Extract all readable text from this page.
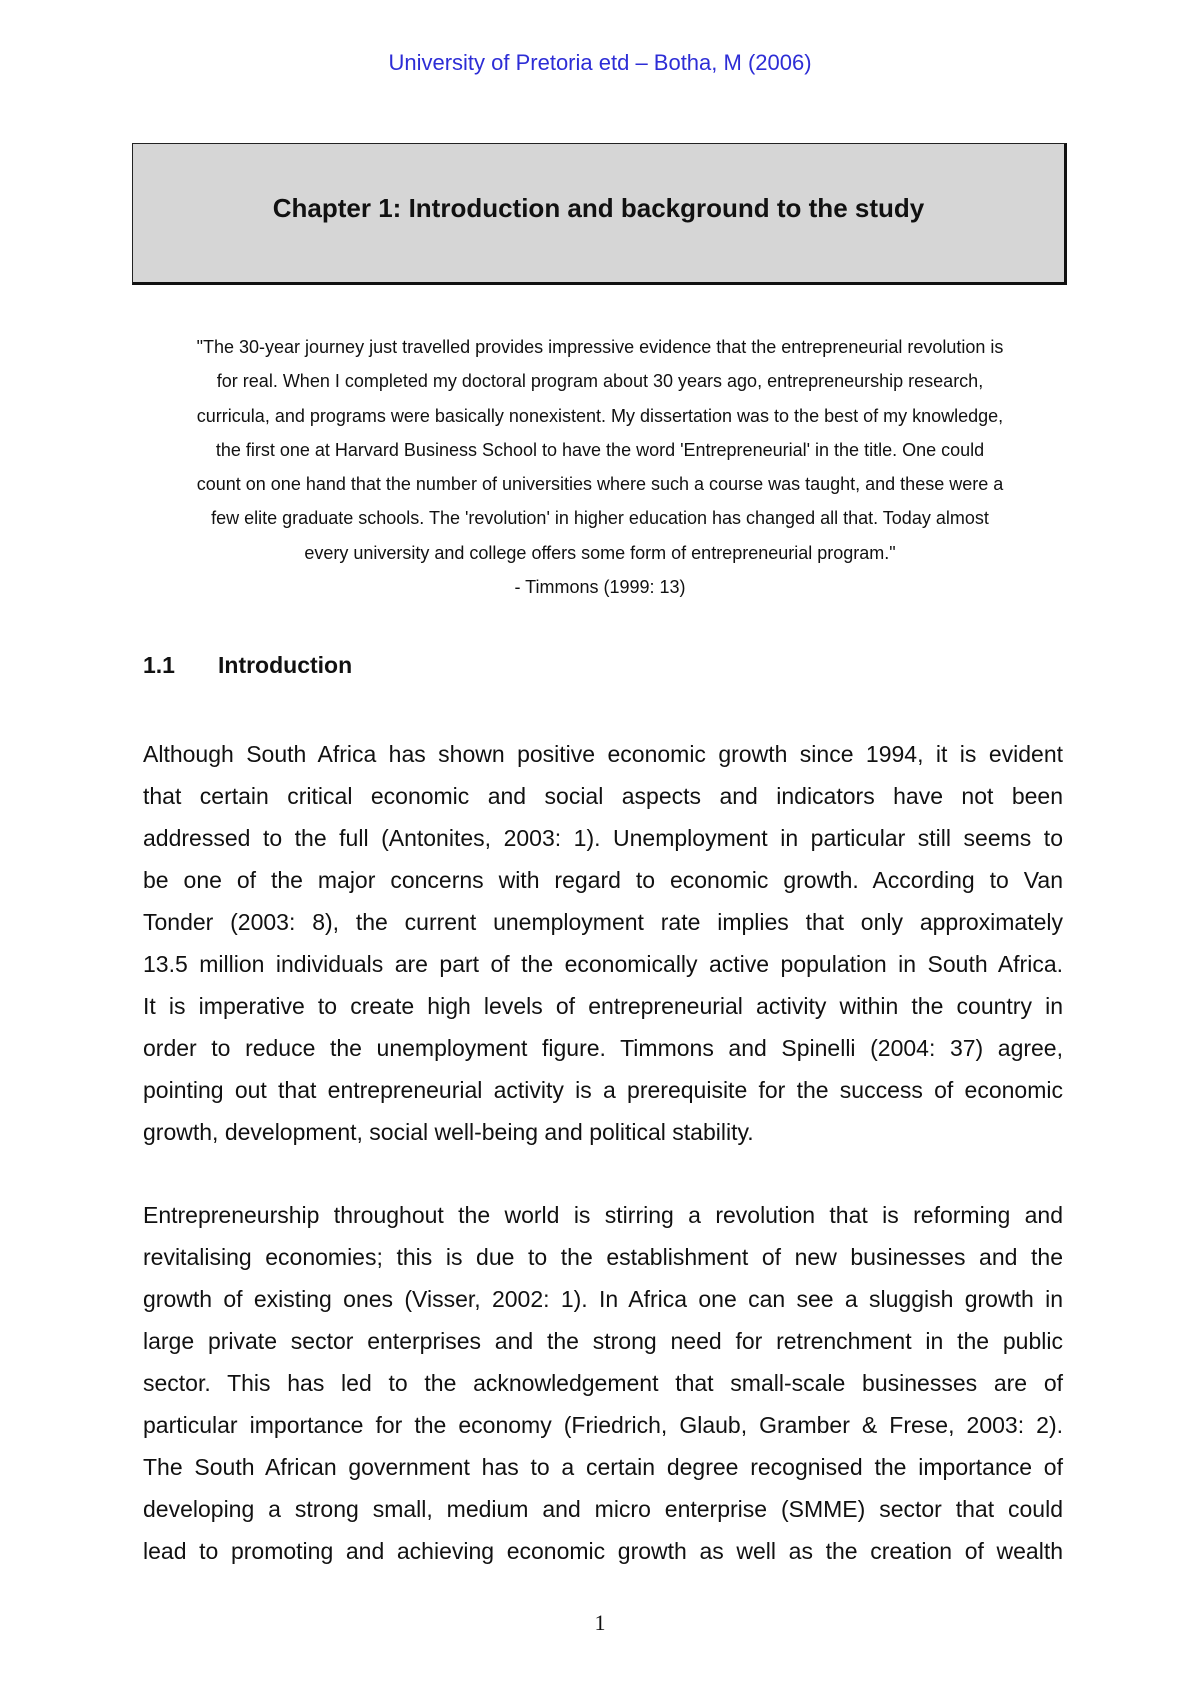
University of Pretoria etd – Botha, M (2006)
Chapter 1: Introduction and background to the study
"The 30-year journey just travelled provides impressive evidence that the entrepreneurial revolution is
for real. When I completed my doctoral program about 30 years ago, entrepreneurship research,
curricula, and programs were basically nonexistent. My dissertation was to the best of my knowledge,
the first one at Harvard Business School to have the word 'Entrepreneurial' in the title. One could
count on one hand that the number of universities where such a course was taught, and these were a
few elite graduate schools. The 'revolution' in higher education has changed all that. Today almost
every university and college offers some form of entrepreneurial program."
- Timmons (1999: 13)
1.1 Introduction
Although South Africa has shown positive economic growth since 1994, it is evident
that certain critical economic and social aspects and indicators have not been
addressed to the full (Antonites, 2003: 1). Unemployment in particular still seems to
be one of the major concerns with regard to economic growth. According to Van
Tonder (2003: 8), the current unemployment rate implies that only approximately
13.5 million individuals are part of the economically active population in South Africa.
It is imperative to create high levels of entrepreneurial activity within the country in
order to reduce the unemployment figure. Timmons and Spinelli (2004: 37) agree,
pointing out that entrepreneurial activity is a prerequisite for the success of economic
growth, development, social well-being and political stability.
Entrepreneurship throughout the world is stirring a revolution that is reforming and
revitalising economies; this is due to the establishment of new businesses and the
growth of existing ones (Visser, 2002: 1). In Africa one can see a sluggish growth in
large private sector enterprises and the strong need for retrenchment in the public
sector. This has led to the acknowledgement that small-scale businesses are of
particular importance for the economy (Friedrich, Glaub, Gramber & Frese, 2003: 2).
The South African government has to a certain degree recognised the importance of
developing a strong small, medium and micro enterprise (SMME) sector that could
lead to promoting and achieving economic growth as well as the creation of wealth
1
